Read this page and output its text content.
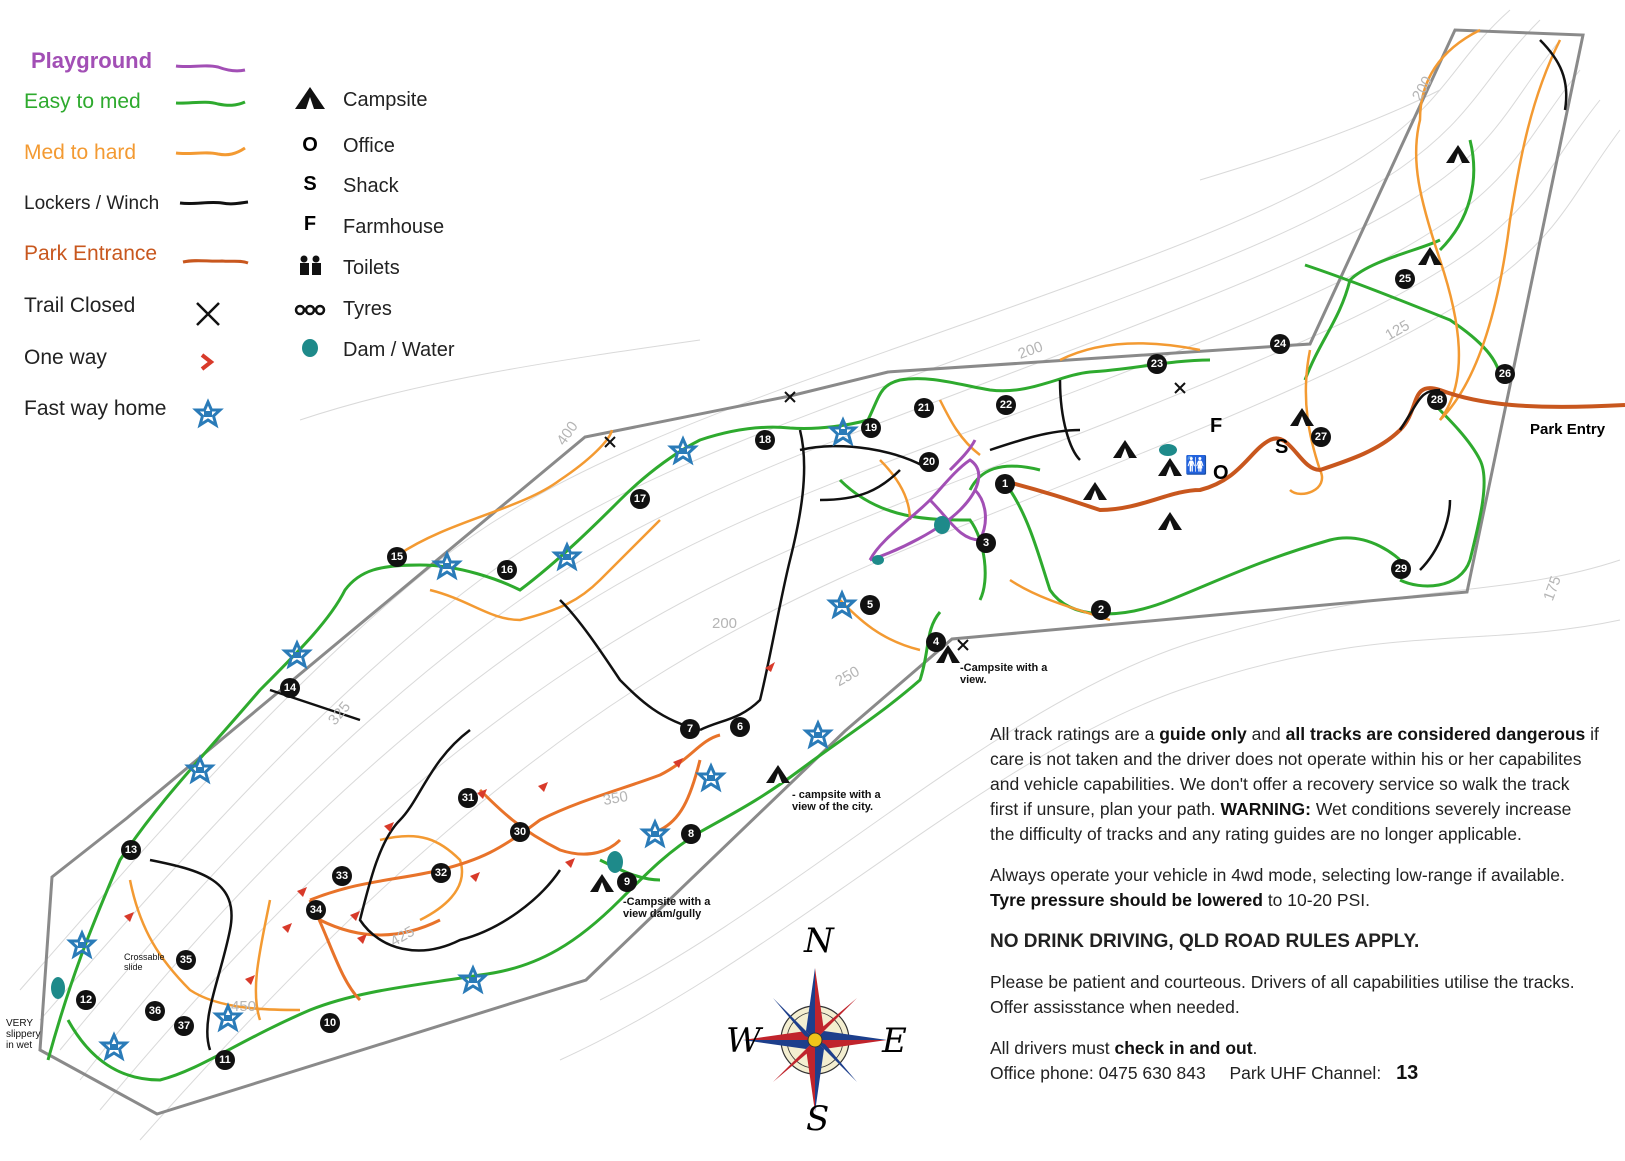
1
2
3
4
5
6
7
8
9
10
11
12
13
14
15
16
17
18
19
20
21	22
23
24
25
26
27
28
29
30
31
32
33
34
35
36
37
400
325
200
250
350
425
450
200
125
175
200
F
S
O
🚻
Park Entry
-Campsite with a view.
- campsite with a view of the city.
-Campsite with a view dam/gully
Crossable slide
VERY slippery in wet
Playground
Easy to med
Med to hard
Lockers / Winch
Park Entrance
Trail Closed
One way
Fast way home
O
S
F
Campsite
Office
Shack
Farmhouse
Toilets
Tyres
Dam / Water
N
S
E
W

All track ratings are a guide only and all tracks are considered dangerous if care is not taken and the driver does not operate within his or her capabilites and vehicle capabilities. We don't offer a recovery service so walk the track first if unsure, plan your path. WARNING: Wet conditions severely increase the difficulty of tracks and any rating guides are no longer applicable.

Always operate your vehicle in 4wd mode, selecting low-range if available. Tyre pressure should be lowered to 10-20 PSI.

NO DRINK DRIVING, QLD ROAD RULES APPLY.

Please be patient and courteous. Drivers of all capabilities utilise the tracks. Offer assisstance when needed.

All drivers must check in and out.

Office phone: 0475 630 843 Park UHF Channel: 13
